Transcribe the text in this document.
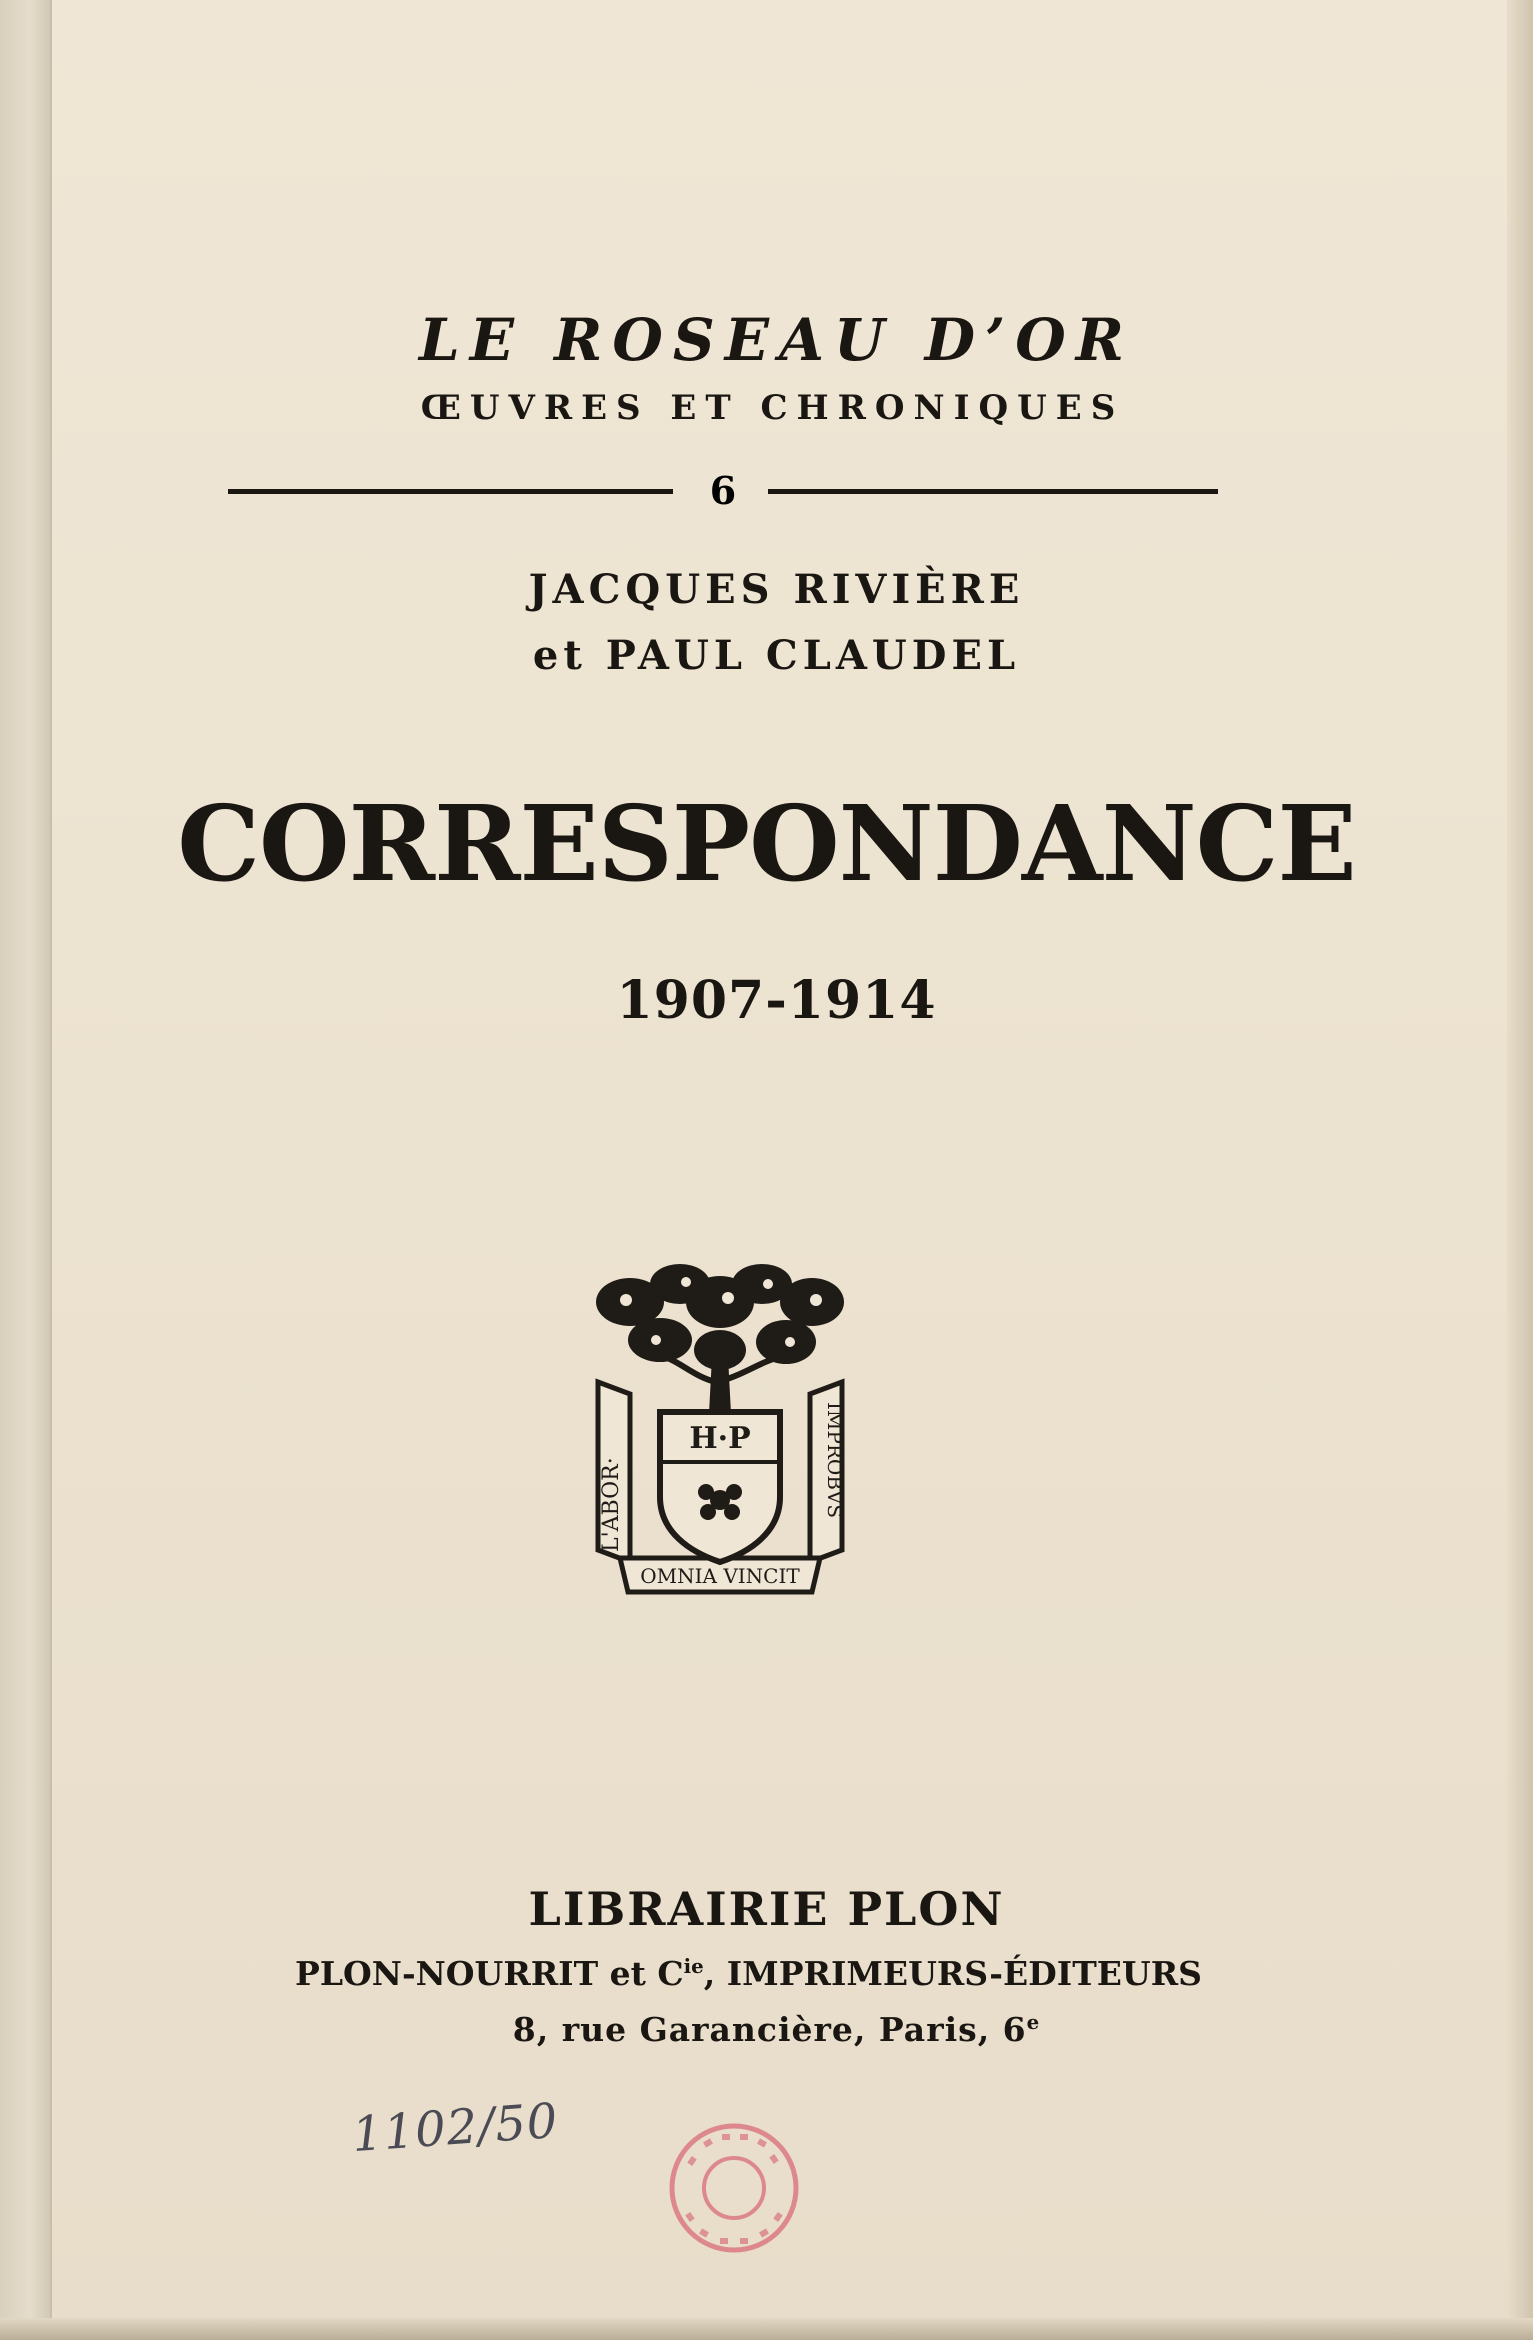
LE ROSEAU D’OR
ŒUVRES ET CHRONIQUES
6
JACQUES RIVIÈRE
et PAUL CLAUDEL
CORRESPONDANCE
1907-1914
H·P
L'ABOR·	IMPROBVS
OMNIA VINCIT
LIBRAIRIE PLON
PLON-NOURRIT et $C^{ie}$, IMPRIMEURS-ÉDITEURS
8, rue Garancière, Paris, 6e
1102/50
